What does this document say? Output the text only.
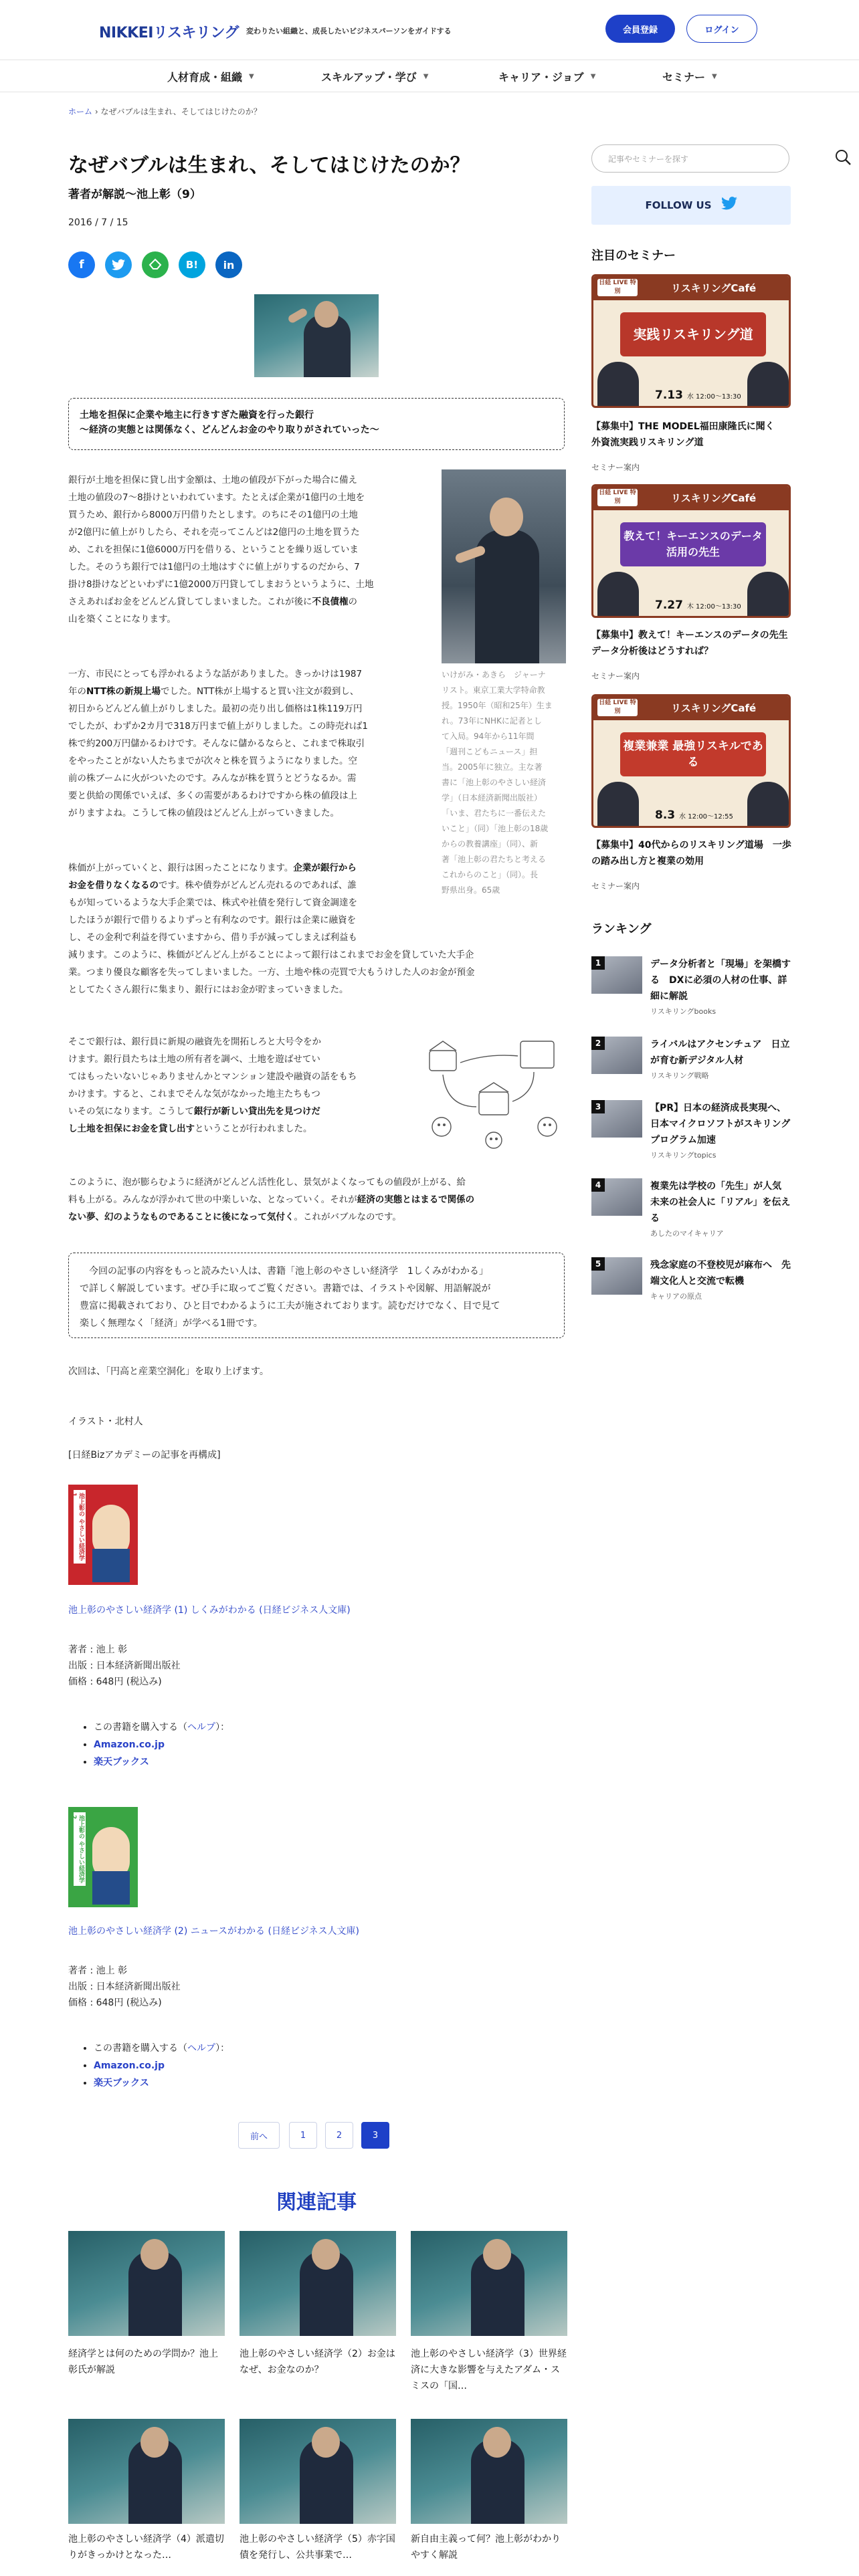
NIKKEIリスキリング 変わりたい組織と、成長したいビジネスパーソンをガイドする	会員登録	ログイン
人材育成・組織 ▼	スキルアップ・学び ▼	キャリア・ジョブ ▼	セミナー ▼
ホーム › なぜバブルは生まれ、そしてはじけたのか？
なぜバブルは生まれ、そしてはじけたのか？
著者が解説～池上彰（9）
2016 / 7 / 15
f	B! in
土地を担保に企業や地主に行きすぎた融資を行った銀行
～経済の実態とは関係なく、どんどんお金のやり取りがされていった～
銀行が土地を担保に貸し出す金額は、土地の値段が下がった場合に備え
土地の値段の7～8掛けといわれています。たとえば企業が1億円の土地を
買うため、銀行から8000万円借りたとします。のちにその1億円の土地
が2億円に値上がりしたら、それを売ってこんどは2億円の土地を買うた
め、これを担保に1億6000万円を借りる、ということを繰り返していま
した。そのうち銀行では1億円の土地はすぐに値上がりするのだから、7
掛け8掛けなどといわずに1億2000万円貸してしまおうというように、土地
さえあればお金をどんどん貸してしまいました。これが後に不良債権の
山を築くことになります。
いけがみ・あきら　ジャーナ
リスト。東京工業大学特命教
授。1950年（昭和25年）生ま
れ。73年にNHKに記者とし
て入局。94年から11年間
「週刊こどもニュース」担
当。2005年に独立。主な著
書に「池上彰のやさしい経済
学」（日本経済新聞出版社）
「いま、君たちに一番伝えた
いこと」（同）「池上彰の18歳
からの教養講座」（同）、新
著「池上彰の君たちと考える
これからのこと」（同）。長
野県出身。65歳
一方、市民にとっても浮かれるような話がありました。きっかけは1987
年のNTT株の新規上場でした。NTT株が上場すると買い注文が殺到し、
初日からどんどん値上がりしました。最初の売り出し価格は1株119万円
でしたが、わずか2カ月で318万円まで値上がりしました。この時売れば1
株で約200万円儲かるわけです。そんなに儲かるならと、これまで株取引
をやったことがない人たちまでが次々と株を買うようになりました。空
前の株ブームに火がついたのです。みんなが株を買うとどうなるか。需
要と供給の関係でいえば、多くの需要があるわけですから株の値段は上
がりますよね。こうして株の値段はどんどん上がっていきました。
株価が上がっていくと、銀行は困ったことになります。企業が銀行から
お金を借りなくなるのです。株や債券がどんどん売れるのであれば、誰
もが知っているような大手企業では、株式や社債を発行して資金調達を
したほうが銀行で借りるよりずっと有利なのです。銀行は企業に融資を
し、その金利で利益を得ていますから、借り手が減ってしまえば利益も
減ります。このように、株価がどんどん上がることによって銀行はこれまでお金を貸していた大手企
業。つまり優良な顧客を失ってしまいました。一方、土地や株の売買で大もうけした人のお金が預金
としてたくさん銀行に集まり、銀行にはお金が貯まっていきました。
そこで銀行は、銀行員に新規の融資先を開拓しろと大号令をか
けます。銀行員たちは土地の所有者を調べ、土地を遊ばせてい
てはもったいないじゃありませんかとマンション建設や融資の話をもち
かけます。すると、これまでそんな気がなかった地主たちもつ
いその気になります。こうして銀行が新しい貸出先を見つけだ
し土地を担保にお金を貸し出すということが行われました。
このように、泡が膨らむように経済がどんどん活性化し、景気がよくなってもの値段が上がる、給
料も上がる。みんなが浮かれて世の中楽しいな、となっていく。それが経済の実態とはまるで関係の
ない夢、幻のようなものであることに後になって気付く。これがバブルなのです。
　今回の記事の内容をもっと読みたい人は、書籍「池上彰のやさしい経済学　1しくみがわかる」
で詳しく解説しています。ぜひ手に取ってご覧ください。書籍では、イラストや図解、用語解説が
豊富に掲載されており、ひと目でわかるように工夫が施されております。読むだけでなく、目で見て
楽しく無理なく「経済」が学べる1冊です。
次回は、「円高と産業空洞化」を取り上げます。
イラスト・北村人
[日経Bizアカデミーの記事を再構成]
池上彰の やさしい経済学 1
池上彰のやさしい経済学 (1) しくみがわかる (日経ビジネス人文庫)
著者 : 池上 彰
出版 : 日本経済新聞出版社
価格 : 648円 (税込み)
• この書籍を購入する（ヘルプ）：
• Amazon.co.jp
• 楽天ブックス
池上彰の やさしい経済学 2
池上彰のやさしい経済学 (2) ニュースがわかる (日経ビジネス人文庫)
著者 : 池上 彰
出版 : 日本経済新聞出版社
価格 : 648円 (税込み)
• この書籍を購入する（ヘルプ）：
• Amazon.co.jp
• 楽天ブックス
前へ	1	2	3
関連記事
経済学とは何のための学問か？池上彰氏が解説
池上彰のやさしい経済学（2）お金はなぜ、お金なのか？
池上彰のやさしい経済学（3）世界経済に大きな影響を与えたアダム・スミスの「国…
池上彰のやさしい経済学（4）派遣切りがきっかけとなった…
池上彰のやさしい経済学（5）赤字国債を発行し、公共事業で…
新自由主義って何？池上彰がわかりやすく解説
記事やセミナーを探す
FOLLOW US
注目のセミナー
リスキリングCafé
日経 LIVE 特別
実践リスキリング道
7.13 水 12:00～13:30
【募集中】THE MODEL福田康隆氏に聞く　外資流実践リスキリング道
セミナー案内
リスキリングCafé
日経 LIVE 特別
教えて！キーエンスのデータ活用の先生
7.27 木 12:00～13:30
【募集中】教えて！キーエンスのデータの先生　データ分析後はどうすれば？
セミナー案内
リスキリングCafé
日経 LIVE 特別
複業兼業 最強リスキルである
8.3 水 12:00～12:55
【募集中】40代からのリスキリング道場　一歩の踏み出し方と複業の効用
セミナー案内
ランキング
1	データ分析者と「現場」を架橋する　DXに必須の人材の仕事、詳細に解説
リスキリングbooks
2	ライバルはアクセンチュア　日立が育む新デジタル人材
リスキリング戦略
3	【PR】日本の経済成長実現へ、日本マイクロソフトがスキリングプログラム加速
リスキリングtopics
4	複業先は学校の「先生」が人気　未来の社会人に「リアル」を伝える
あしたのマイキャリア
5	残念家庭の不登校児が麻布へ　先端文化人と交流で転機
キャリアの原点
